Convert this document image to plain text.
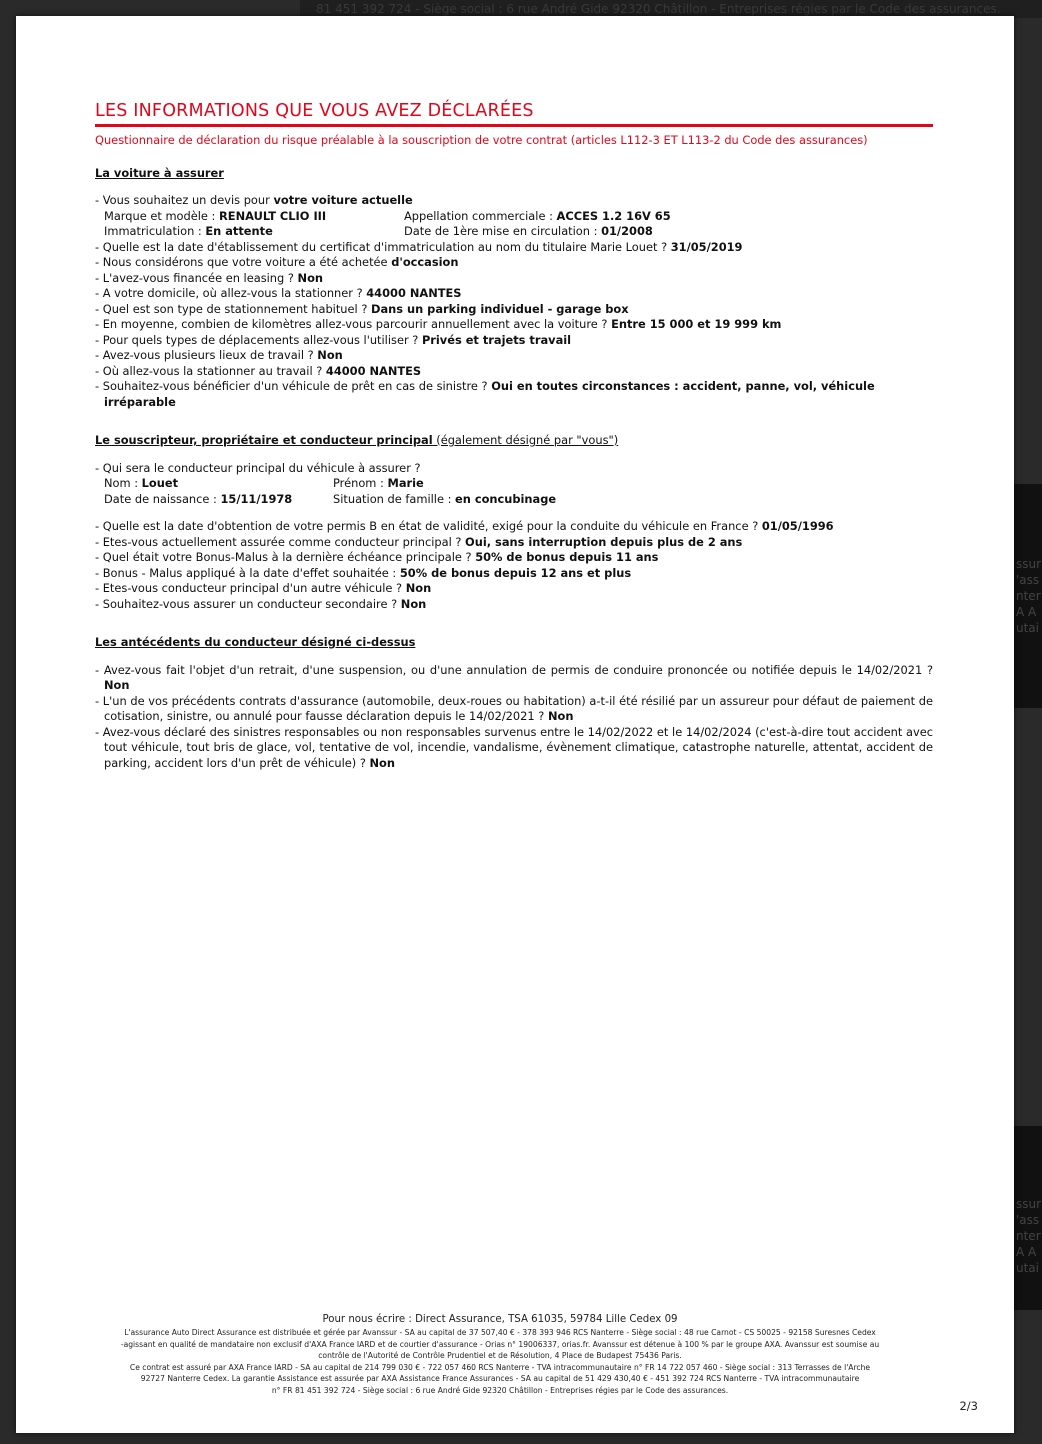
81 451 392 724 - Siège social : 6 rue André Gide 92320 Châtillon - Entreprises régies par le Code des assurances.
ssur
'ass
nter
A A
utai
ssur
'ass
nter
A A
utai
LES INFORMATIONS QUE VOUS AVEZ DÉCLARÉES
Questionnaire de déclaration du risque préalable à la souscription de votre contrat (articles L112-3 ET L113-2 du Code des assurances)
La voiture à assurer
- Vous souhaitez un devis pour votre voiture actuelle
Marque et modèle : RENAULT CLIO III	Appellation commerciale : ACCES 1.2 16V 65
Immatriculation : En attente	Date de 1ère mise en circulation : 01/2008
- Quelle est la date d'établissement du certificat d'immatriculation au nom du titulaire Marie Louet ? 31/05/2019
- Nous considérons que votre voiture a été achetée d'occasion
- L'avez-vous financée en leasing ? Non
- A votre domicile, où allez-vous la stationner ? 44000 NANTES
- Quel est son type de stationnement habituel ? Dans un parking individuel - garage box
- En moyenne, combien de kilomètres allez-vous parcourir annuellement avec la voiture ? Entre 15 000 et 19 999 km
- Pour quels types de déplacements allez-vous l'utiliser ? Privés et trajets travail
- Avez-vous plusieurs lieux de travail ? Non
- Où allez-vous la stationner au travail ? 44000 NANTES
- Souhaitez-vous bénéficier d'un véhicule de prêt en cas de sinistre ? Oui en toutes circonstances : accident, panne, vol, véhicule irréparable
Le souscripteur, propriétaire et conducteur principal (également désigné par "vous")
- Qui sera le conducteur principal du véhicule à assurer ?
Nom : Louet	Prénom : Marie
Date de naissance : 15/11/1978	Situation de famille : en concubinage
- Quelle est la date d'obtention de votre permis B en état de validité, exigé pour la conduite du véhicule en France ? 01/05/1996
- Etes-vous actuellement assurée comme conducteur principal ? Oui, sans interruption depuis plus de 2 ans
- Quel était votre Bonus-Malus à la dernière échéance principale ? 50% de bonus depuis 11 ans
- Bonus - Malus appliqué à la date d'effet souhaitée : 50% de bonus depuis 12 ans et plus
- Etes-vous conducteur principal d'un autre véhicule ? Non
- Souhaitez-vous assurer un conducteur secondaire ? Non
Les antécédents du conducteur désigné ci-dessus
- Avez-vous fait l'objet d'un retrait, d'une suspension, ou d'une annulation de permis de conduire prononcée ou notifiée depuis le 14/02/2021 ? Non
- L'un de vos précédents contrats d'assurance (automobile, deux-roues ou habitation) a-t-il été résilié par un assureur pour défaut de paiement de cotisation, sinistre, ou annulé pour fausse déclaration depuis le 14/02/2021 ? Non
- Avez-vous déclaré des sinistres responsables ou non responsables survenus entre le 14/02/2022 et le 14/02/2024 (c'est-à-dire tout accident avec tout véhicule, tout bris de glace, vol, tentative de vol, incendie, vandalisme, évènement climatique, catastrophe naturelle, attentat, accident de parking, accident lors d'un prêt de véhicule) ? Non
Pour nous écrire : Direct Assurance, TSA 61035, 59784 Lille Cedex 09
L'assurance Auto Direct Assurance est distribuée et gérée par Avanssur - SA au capital de 37 507,40 € - 378 393 946 RCS Nanterre - Siège social : 48 rue Carnot - CS 50025 - 92158 Suresnes Cedex
-agissant en qualité de mandataire non exclusif d'AXA France IARD et de courtier d'assurance - Orias n° 19006337, orias.fr. Avanssur est détenue à 100 % par le groupe AXA. Avanssur est soumise au
contrôle de l'Autorité de Contrôle Prudentiel et de Résolution, 4 Place de Budapest 75436 Paris.
Ce contrat est assuré par AXA France IARD - SA au capital de 214 799 030 € - 722 057 460 RCS Nanterre - TVA intracommunautaire n° FR 14 722 057 460 - Siège social : 313 Terrasses de l'Arche
92727 Nanterre Cedex. La garantie Assistance est assurée par AXA Assistance France Assurances - SA au capital de 51 429 430,40 € - 451 392 724 RCS Nanterre - TVA intracommunautaire
n° FR 81 451 392 724 - Siège social : 6 rue André Gide 92320 Châtillon - Entreprises régies par le Code des assurances.
2/3
